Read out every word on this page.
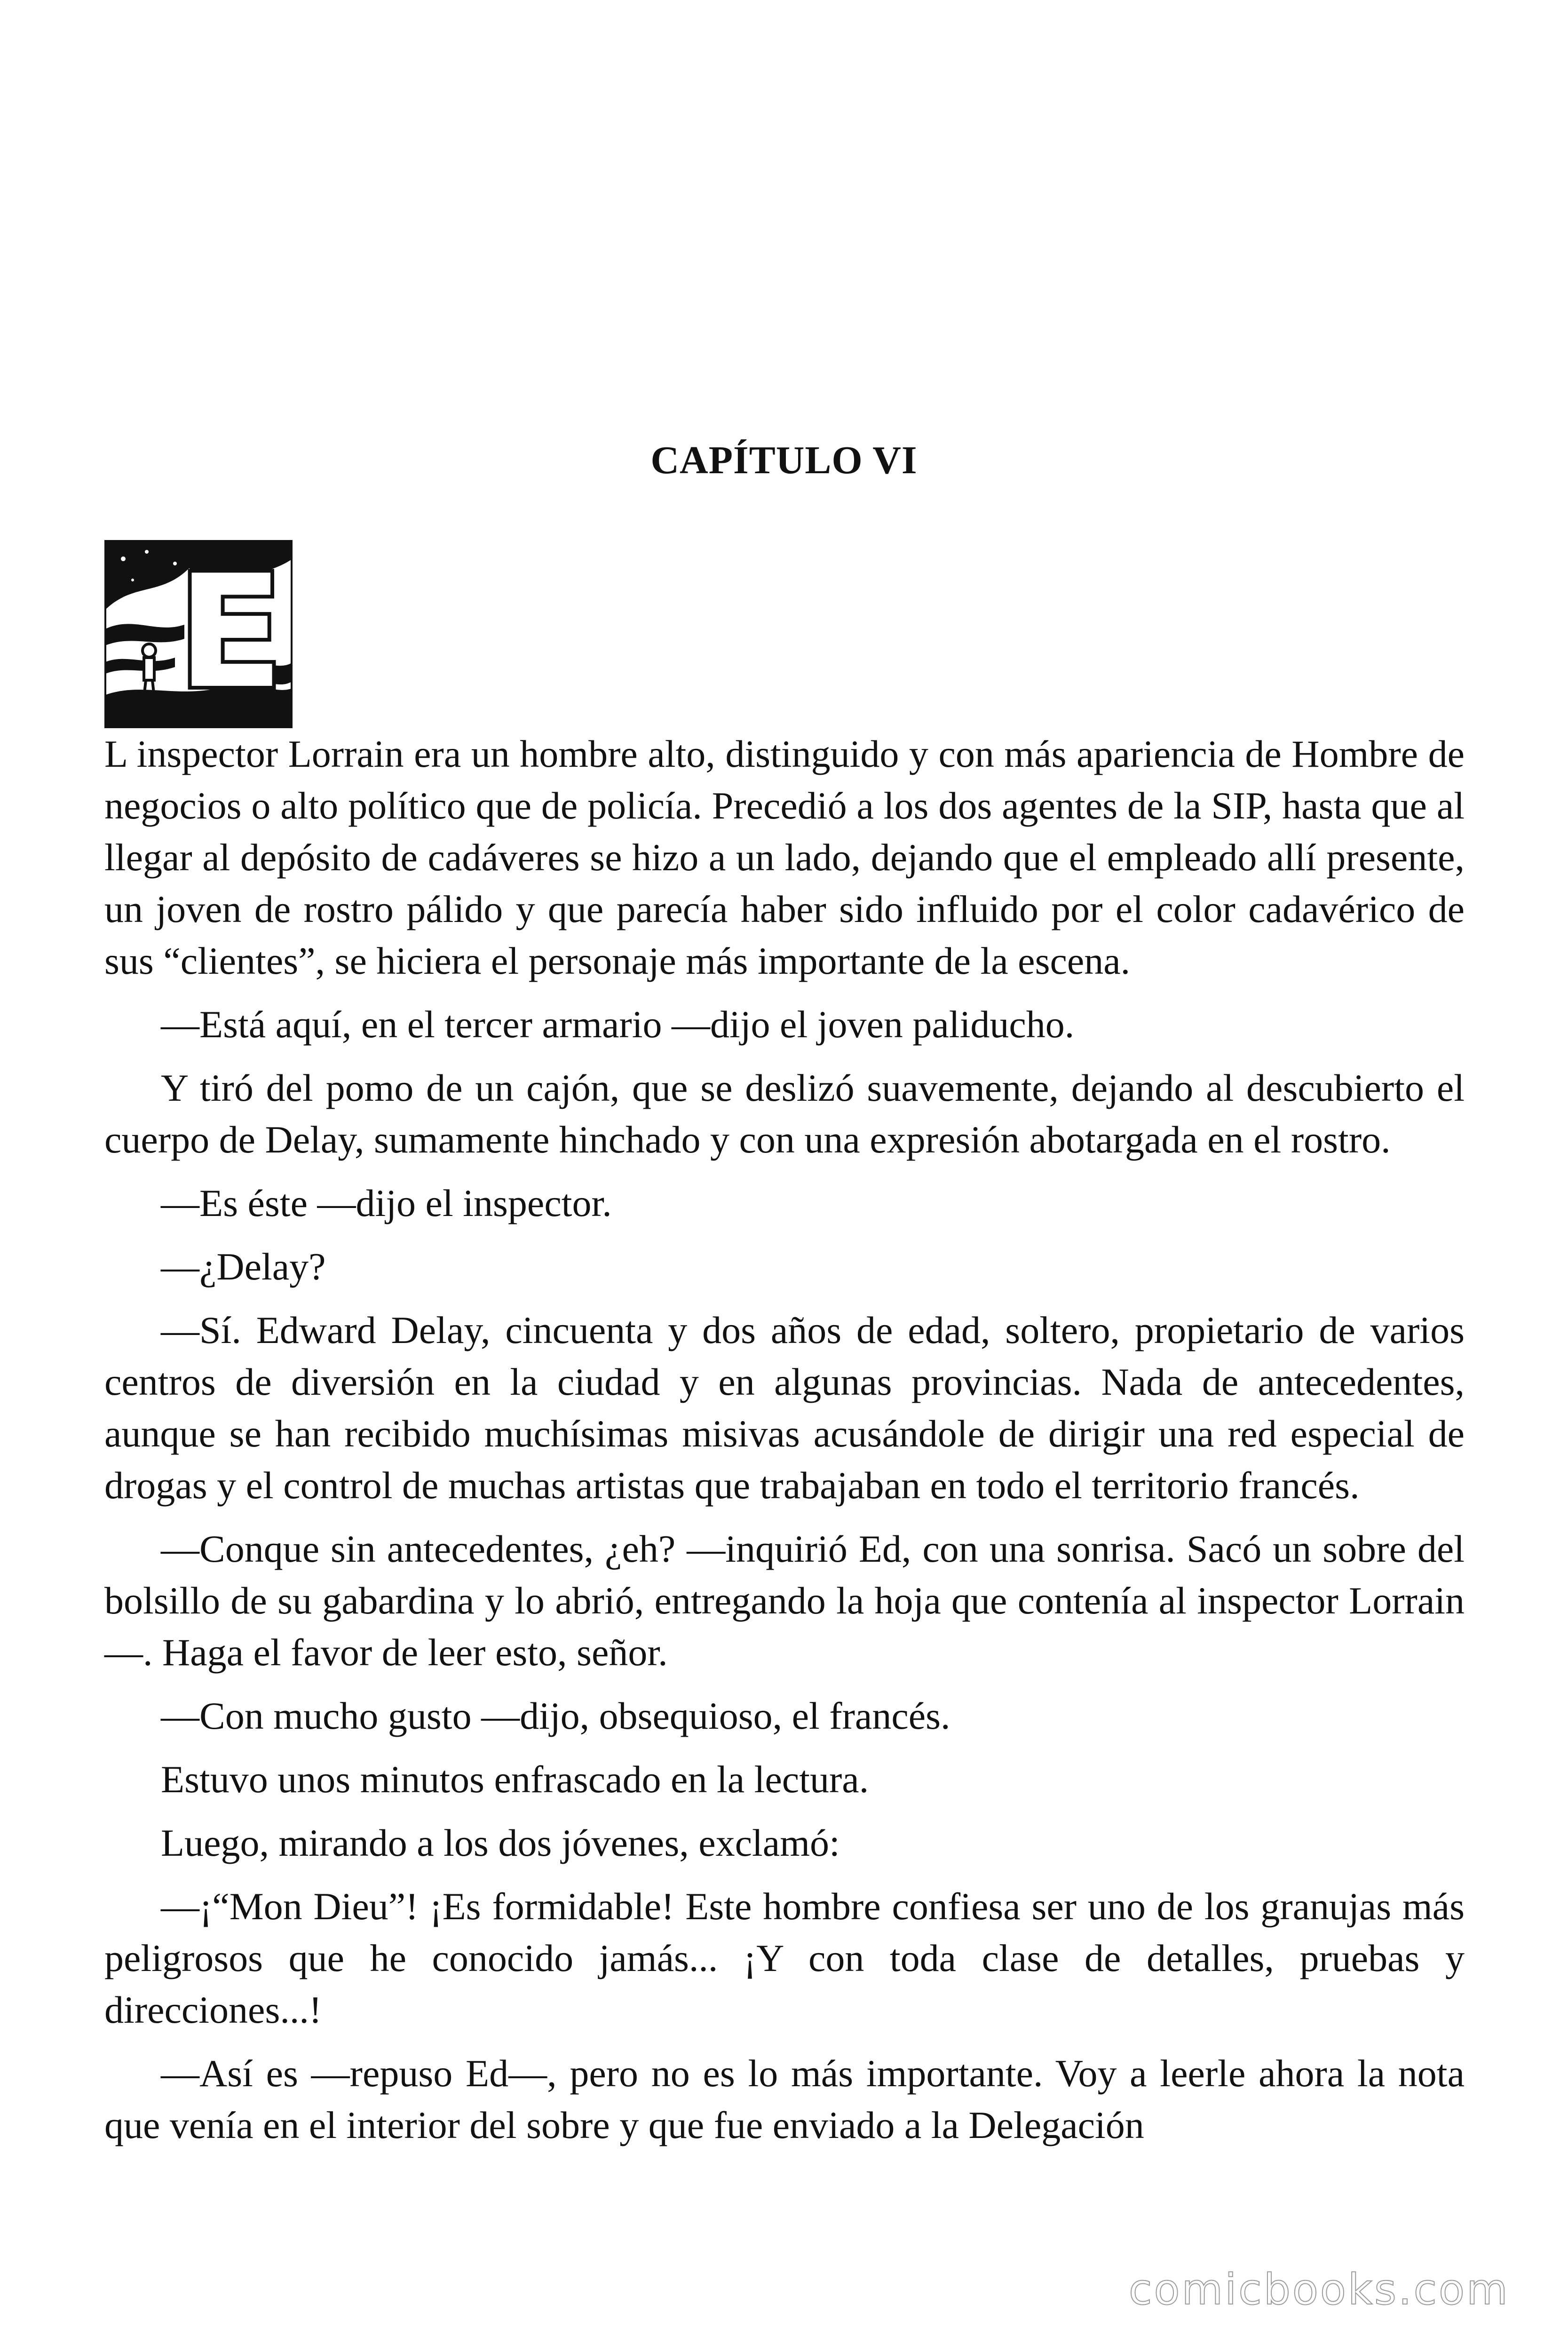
CAPÍTULO VI
E

L inspector Lorrain era un hombre alto, distinguido y con más apariencia de Hombre de negocios o alto político que de policía. Precedió a los dos agentes de la SIP, hasta que al llegar al depósito de cadáveres se hizo a un lado, dejando que el empleado allí presente, un joven de rostro pálido y que parecía haber sido influido por el color cadavérico de sus “clientes”, se hiciera el personaje más importante de la escena.

—Está aquí, en el tercer armario —dijo el joven paliducho.

Y tiró del pomo de un cajón, que se deslizó suavemente, dejando al descubierto el cuerpo de Delay, sumamente hinchado y con una expresión abotargada en el rostro.

—Es éste —dijo el inspector.

—¿Delay?

—Sí. Edward Delay, cincuenta y dos años de edad, soltero, propietario de varios centros de diversión en la ciudad y en algunas provincias. Nada de antecedentes, aunque se han recibido muchísimas misivas acusándole de dirigir una red especial de drogas y el control de muchas artistas que trabajaban en todo el territorio francés.

—Conque sin antecedentes, ¿eh? —inquirió Ed, con una sonrisa. Sacó un sobre del bolsillo de su gabardina y lo abrió, entregando la hoja que contenía al inspector Lorrain—. Haga el favor de leer esto, señor.

—Con mucho gusto —dijo, obsequioso, el francés.

Estuvo unos minutos enfrascado en la lectura.

Luego, mirando a los dos jóvenes, exclamó:

—¡“Mon Dieu”! ¡Es formidable! Este hombre confiesa ser uno de los granujas más peligrosos que he conocido jamás... ¡Y con toda clase de detalles, pruebas y direcciones...!

—Así es —repuso Ed—, pero no es lo más importante. Voy a leerle ahora la nota que venía en el interior del sobre y que fue enviado a la Delegación

comicbooks.com
